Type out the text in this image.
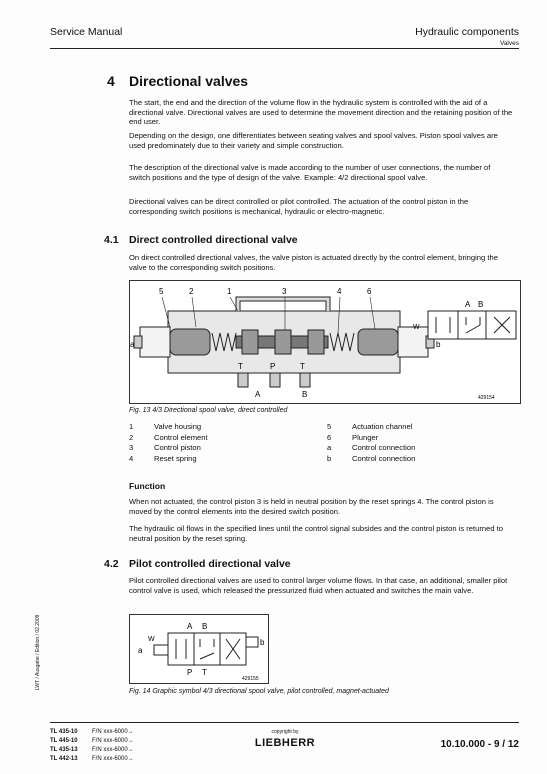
Service Manual	Hydraulic components
Valves
4 Directional valves
The start, the end and the direction of the volume flow in the hydraulic system is controlled with the aid of a directional valve. Directional valves are used to determine the movement direction and the retaining position of the end user.
Depending on the design, one differentiates between seating valves and spool valves. Piston spool valves are used predominately due to their variety and simple construction.
The description of the directional valve is made according to the number of user connections, the number of switch positions and the type of design of the valve. Example: 4/2 directional spool valve.
Directional valves can be direct controlled or pilot controlled. The actuation of the control piston in the corresponding switch positions is mechanical, hydraulic or electro-magnetic.
4.1 Direct controlled directional valve
On direct controlled directional valves, the valve piston is actuated directly by the control element, bringing the valve to the corresponding switch positions.
5	2	1	3	4	6
a	b
T	P	T
A	B
A B
W
429154
Fig. 13 4/3 Directional spool valve, direct controlled
1	Valve housing	5	Actuation channel
2	Control element	6	Plunger
3	Control piston	a	Control connection
4	Reset spring	b	Control connection
Function
When not actuated, the control piston 3 is held in neutral position by the reset springs 4. The control piston is moved by the control elements into the desired switch position.
The hydraulic oil flows in the specified lines until the control signal subsides and the control piston is returned to neutral position by the reset spring.
4.2 Pilot controlled directional valve
Pilot controlled directional valves are used to control larger volume flows. In that case, an additional, smaller pilot control valve is used, which released the pressurized fluid when actuated and switches the main valve.
A B
P T
a
b
W
429155
Fig. 14 Graphic symbol 4/3 directional spool valve, pilot controlled, magnet-actuated
LWT / Ausgabe / Edition / 02.2009
TL 435-10	F/N xxx-6000→
TL 445-10	F/N xxx-6000→
TL 435-13	F/N xxx-6000→
TL 442-13	F/N xxx-6000→
copyright by
LIEBHERR	10.10.000 - 9 / 12
